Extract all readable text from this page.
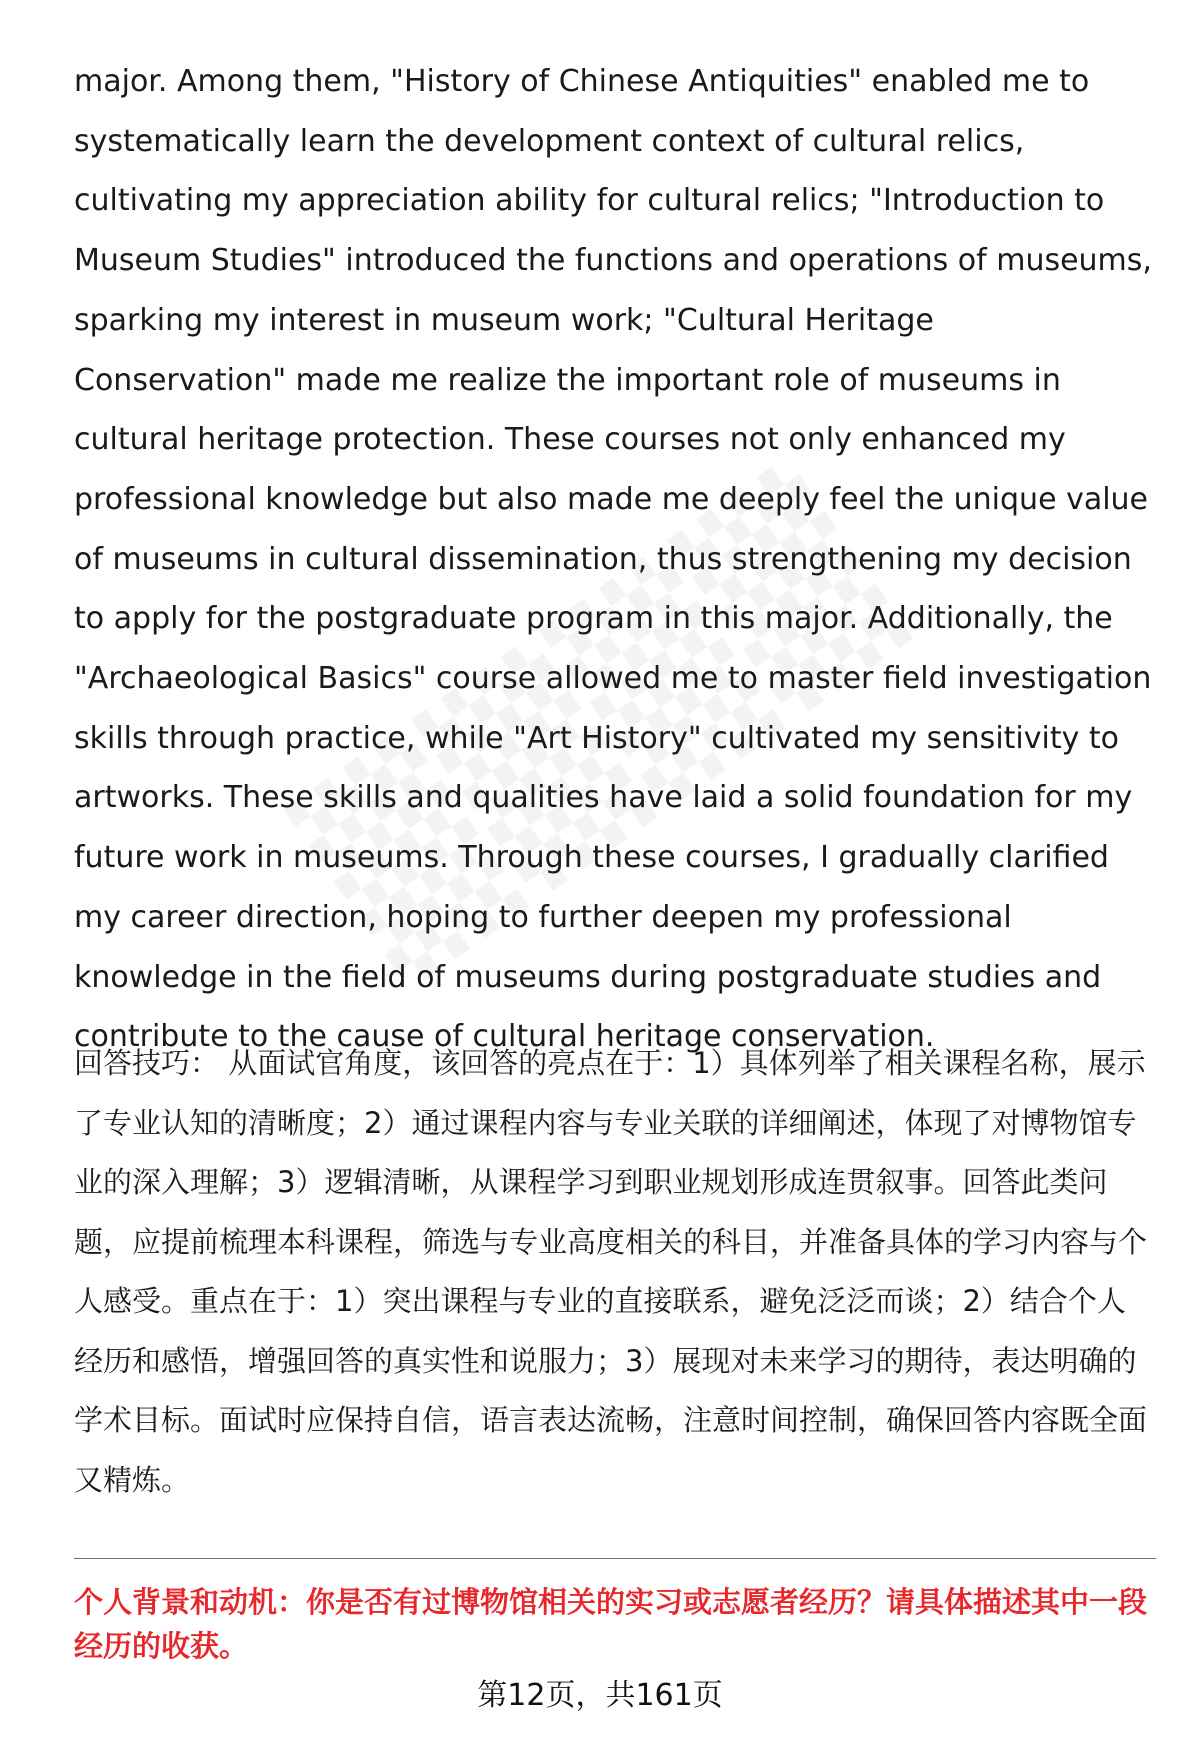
major. Among them, "History of Chinese Antiquities" enabled me to systematically learn the development context of cultural relics, cultivating my appreciation ability for cultural relics; "Introduction to Museum Studies" introduced the functions and operations of museums, sparking my interest in museum work; "Cultural Heritage Conservation" made me realize the important role of museums in cultural heritage protection. These courses not only enhanced my professional knowledge but also made me deeply feel the unique value of museums in cultural dissemination, thus strengthening my decision to apply for the postgraduate program in this major. Additionally, the "Archaeological Basics" course allowed me to master field investigation skills through practice, while "Art History" cultivated my sensitivity to artworks. These skills and qualities have laid a solid foundation for my future work in museums. Through these courses, I gradually clarified my career direction, hoping to further deepen my professional knowledge in the field of museums during postgraduate studies and contribute to the cause of cultural heritage conservation.

回答技巧： 从面试官角度，该回答的亮点在于：1）具体列举了相关课程名称，展示了专业认知的清晰度；2）通过课程内容与专业关联的详细阐述，体现了对博物馆专业的深入理解；3）逻辑清晰，从课程学习到职业规划形成连贯叙事。回答此类问题，应提前梳理本科课程，筛选与专业高度相关的科目，并准备具体的学习内容与个人感受。重点在于：1）突出课程与专业的直接联系，避免泛泛而谈；2）结合个人经历和感悟，增强回答的真实性和说服力；3）展现对未来学习的期待，表达明确的学术目标。面试时应保持自信，语言表达流畅，注意时间控制，确保回答内容既全面又精炼。

个人背景和动机：你是否有过博物馆相关的实习或志愿者经历？请具体描述其中一段经历的收获。

第12页，共161页
